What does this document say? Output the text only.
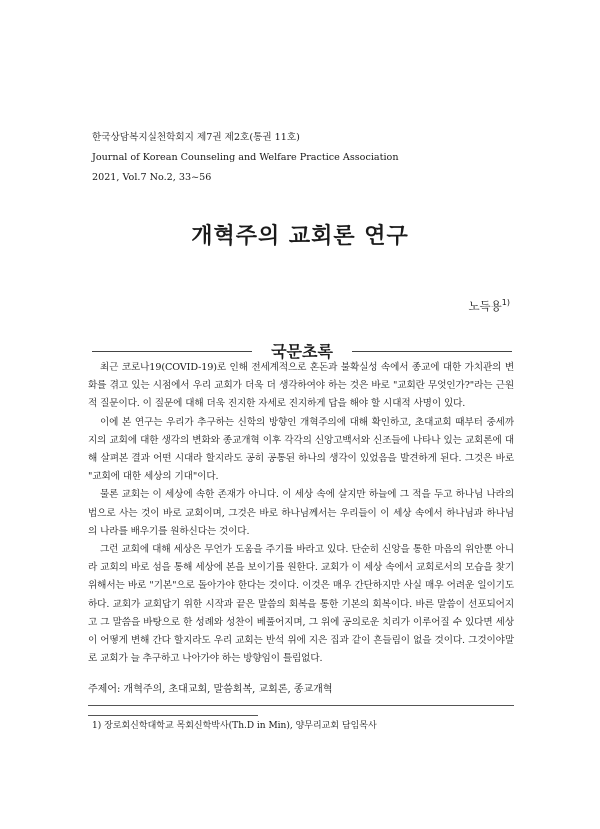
한국상담복지실천학회지 제7권 제2호(통권 11호)
Journal of Korean Counseling and Welfare Practice Association
2021, Vol.7 No.2, 33~56
개혁주의 교회론 연구
노득용$^{1)}$
국문초록

최근 코로나19(COVID-19)로 인해 전세계적으로 혼돈과 불확실성 속에서 종교에 대한 가치관의 변화를 겪고 있는 시점에서 우리 교회가 더욱 더 생각하여야 하는 것은 바로 "교회란 무엇인가?"라는 근원적 질문이다. 이 질문에 대해 더욱 진지한 자세로 진지하게 답을 해야 할 시대적 사명이 있다.

이에 본 연구는 우리가 추구하는 신학의 방향인 개혁주의에 대해 확인하고, 초대교회 때부터 중세까지의 교회에 대한 생각의 변화와 종교개혁 이후 각각의 신앙고백서와 신조들에 나타나 있는 교회론에 대해 살펴본 결과 어떤 시대라 할지라도 공히 공통된 하나의 생각이 있었음을 발견하게 된다. 그것은 바로 "교회에 대한 세상의 기대"이다.

물론 교회는 이 세상에 속한 존재가 아니다. 이 세상 속에 살지만 하늘에 그 적을 두고 하나님 나라의 법으로 사는 것이 바로 교회이며, 그것은 바로 하나님께서는 우리들이 이 세상 속에서 하나님과 하나님의 나라를 배우기를 원하신다는 것이다.

그런 교회에 대해 세상은 무언가 도움을 주기를 바라고 있다. 단순히 신앙을 통한 마음의 위안뿐 아니라 교회의 바로 섬을 통해 세상에 본을 보이기를 원한다. 교회가 이 세상 속에서 교회로서의 모습을 찾기 위해서는 바로 "기본"으로 돌아가야 한다는 것이다. 이것은 매우 간단하지만 사실 매우 어려운 일이기도 하다. 교회가 교회답기 위한 시작과 끝은 말씀의 회복을 통한 기본의 회복이다. 바른 말씀이 선포되어지고 그 말씀을 바탕으로 한 성례와 성찬이 베풀어지며, 그 위에 공의로운 치리가 이루어질 수 있다면 세상이 어떻게 변해 간다 할지라도 우리 교회는 반석 위에 지은 집과 같이 흔들림이 없을 것이다. 그것이야말로 교회가 늘 추구하고 나아가야 하는 방향임이 틀림없다.

주제어: 개혁주의, 초대교회, 말씀회복, 교회론, 종교개혁
1) 장로회신학대학교 목회신학박사(Th.D in Min), 양무리교회 담임목사
